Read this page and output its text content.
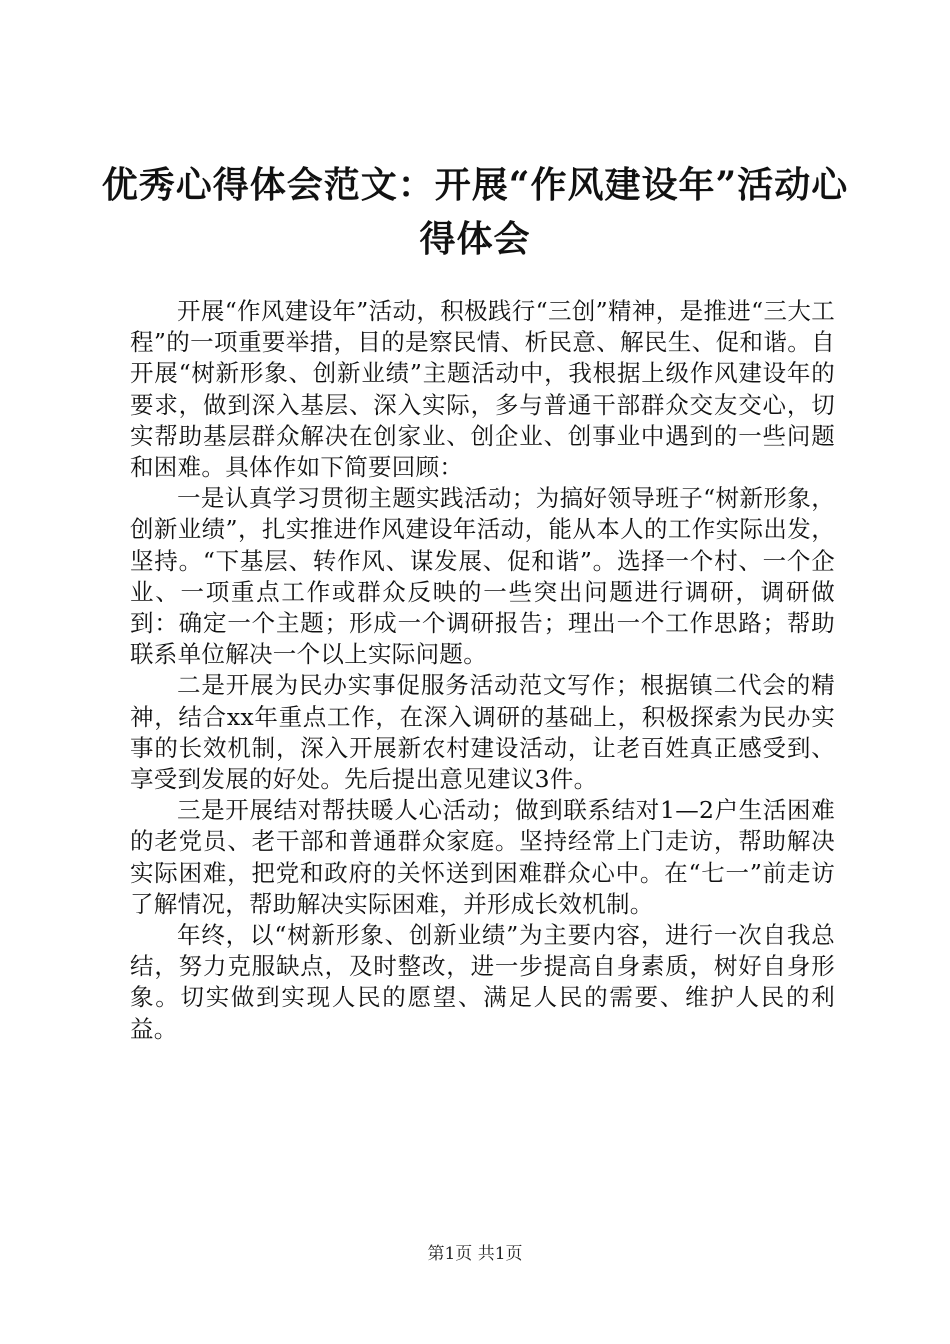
优秀心得体会范文：开展“作风建设年”活动心得体会

开展“作风建设年”活动，积极践行“三创”精神，是推进“三大工程”的一项重要举措，目的是察民情、析民意、解民生、促和谐。自开展“树新形象、创新业绩”主题活动中，我根据上级作风建设年的要求，做到深入基层、深入实际，多与普通干部群众交友交心，切实帮助基层群众解决在创家业、创企业、创事业中遇到的一些问题和困难。具体作如下简要回顾：

一是认真学习贯彻主题实践活动；为搞好领导班子“树新形象，创新业绩”，扎实推进作风建设年活动，能从本人的工作实际出发，坚持。“下基层、转作风、谋发展、促和谐”。选择一个村、一个企业、一项重点工作或群众反映的一些突出问题进行调研，调研做到：确定一个主题；形成一个调研报告；理出一个工作思路；帮助联系单位解决一个以上实际问题。

二是开展为民办实事促服务活动范文写作；根据镇二代会的精神，结合xx年重点工作，在深入调研的基础上，积极探索为民办实事的长效机制，深入开展新农村建设活动，让老百姓真正感受到、享受到发展的好处。先后提出意见建议3件。

三是开展结对帮扶暖人心活动；做到联系结对1—2户生活困难的老党员、老干部和普通群众家庭。坚持经常上门走访，帮助解决实际困难，把党和政府的关怀送到困难群众心中。在“七一”前走访了解情况，帮助解决实际困难，并形成长效机制。

年终，以“树新形象、创新业绩”为主要内容，进行一次自我总结，努力克服缺点，及时整改，进一步提高自身素质，树好自身形象。切实做到实现人民的愿望、满足人民的需要、维护人民的利益。

第1页 共1页
